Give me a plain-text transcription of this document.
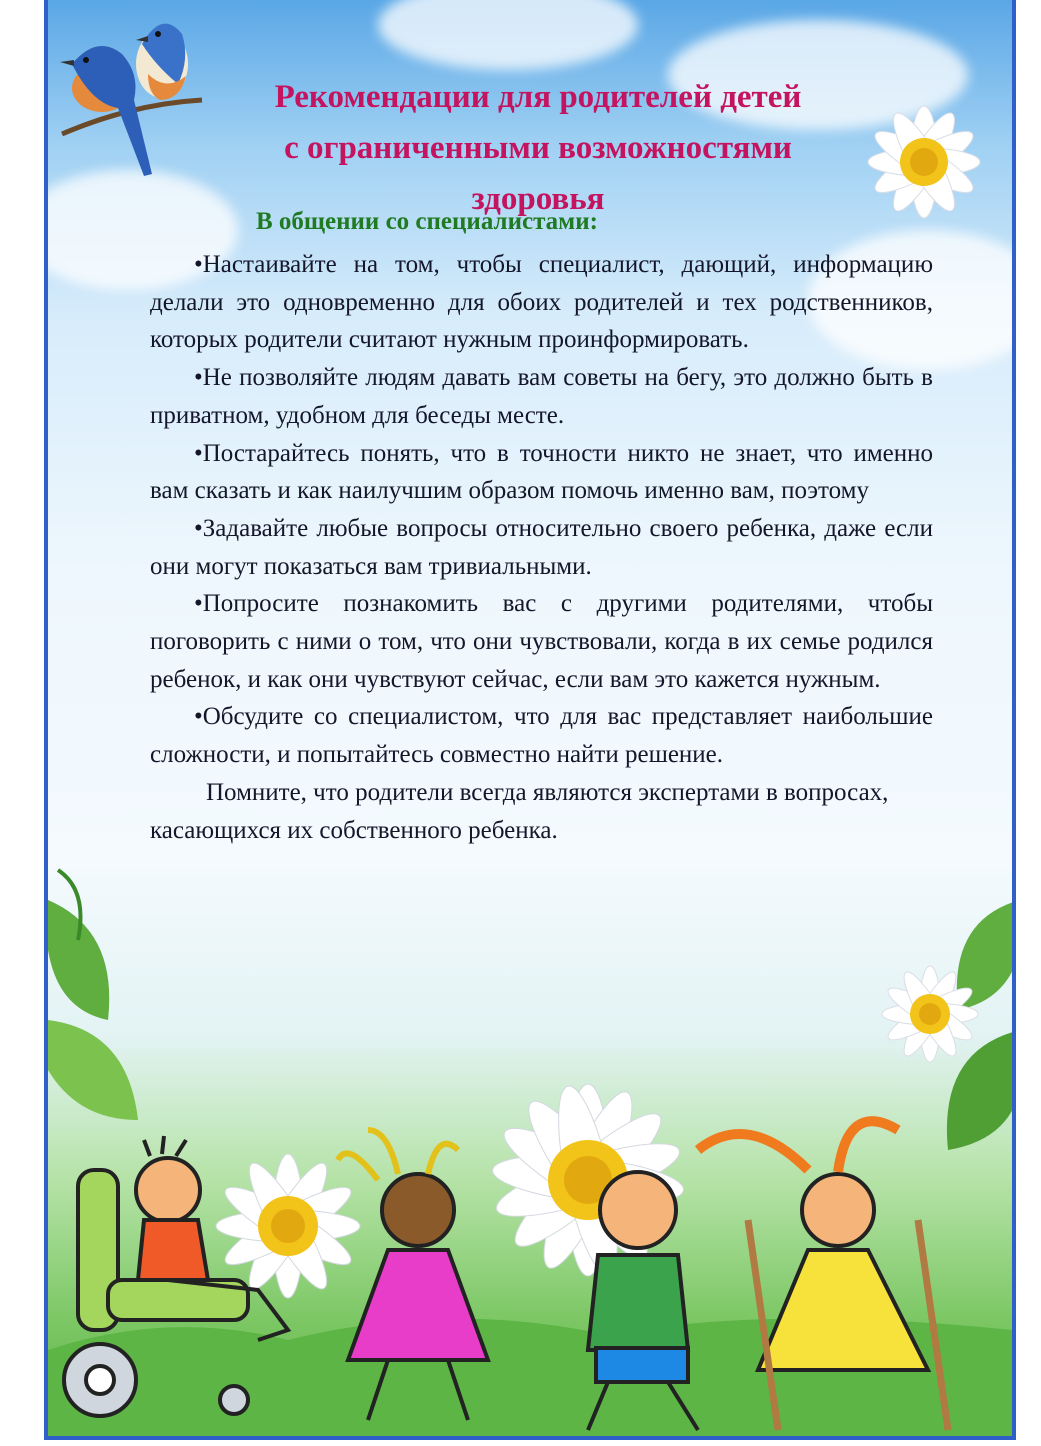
Рекомендации для родителей детей
с ограниченными возможностями
здоровья
В общении со специалистами:

•Настаивайте на том, чтобы специалист, дающий, информацию делали это одновременно для обоих родителей и тех родственников, которых родители считают нужным проинформировать.

•Не позволяйте людям давать вам советы на бегу, это должно быть в приватном, удобном для беседы месте.

•Постарайтесь понять, что в точности никто не знает, что именно вам сказать и как наилучшим образом помочь именно вам, поэтому

•Задавайте любые вопросы относительно своего ребенка, даже если они могут показаться вам тривиальными.

•Попросите познакомить вас с другими родителями, чтобы поговорить с ними о том, что они чувствовали, когда в их семье родился ребенок, и как они чувствуют сейчас, если вам это кажется нужным.

•Обсудите со специалистом, что для вас представляет наибольшие сложности, и попытайтесь совместно найти решение.

Помните, что родители всегда являются экспертами в вопросах, касающихся их собственного ребенка.
